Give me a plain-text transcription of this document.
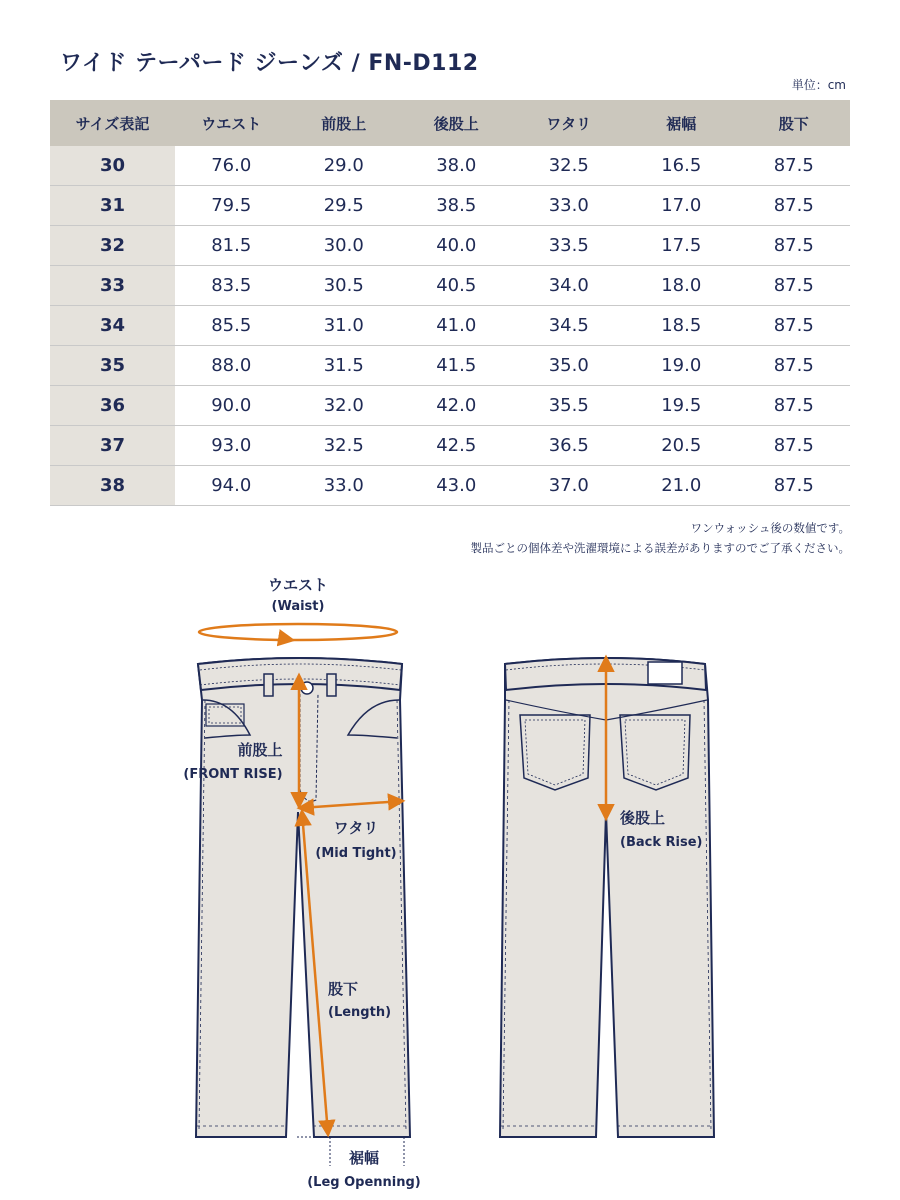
ワイド テーパード ジーンズ / FN-D112
単位：cm
サイズ表記	ウエスト	前股上	後股上	ワタリ	裾幅	股下
30	76.0	29.0	38.0	32.5	16.5	87.5
31	79.5	29.5	38.5	33.0	17.0	87.5
32	81.5	30.0	40.0	33.5	17.5	87.5
33	83.5	30.5	40.5	34.0	18.0	87.5
34	85.5	31.0	41.0	34.5	18.5	87.5
35	88.0	31.5	41.5	35.0	19.0	87.5
36	90.0	32.0	42.0	35.5	19.5	87.5
37	93.0	32.5	42.5	36.5	20.5	87.5
38	94.0	33.0	43.0	37.0	21.0	87.5
ワンウォッシュ後の数値です。
製品ごとの個体差や洗濯環境による誤差がありますのでご了承ください。
ウエスト
(Waist)
前股上
(FRONT RISE)
ワタリ
(Mid Tight)
股下
(Length)
裾幅
(Leg Openning)
後股上
(Back Rise)
